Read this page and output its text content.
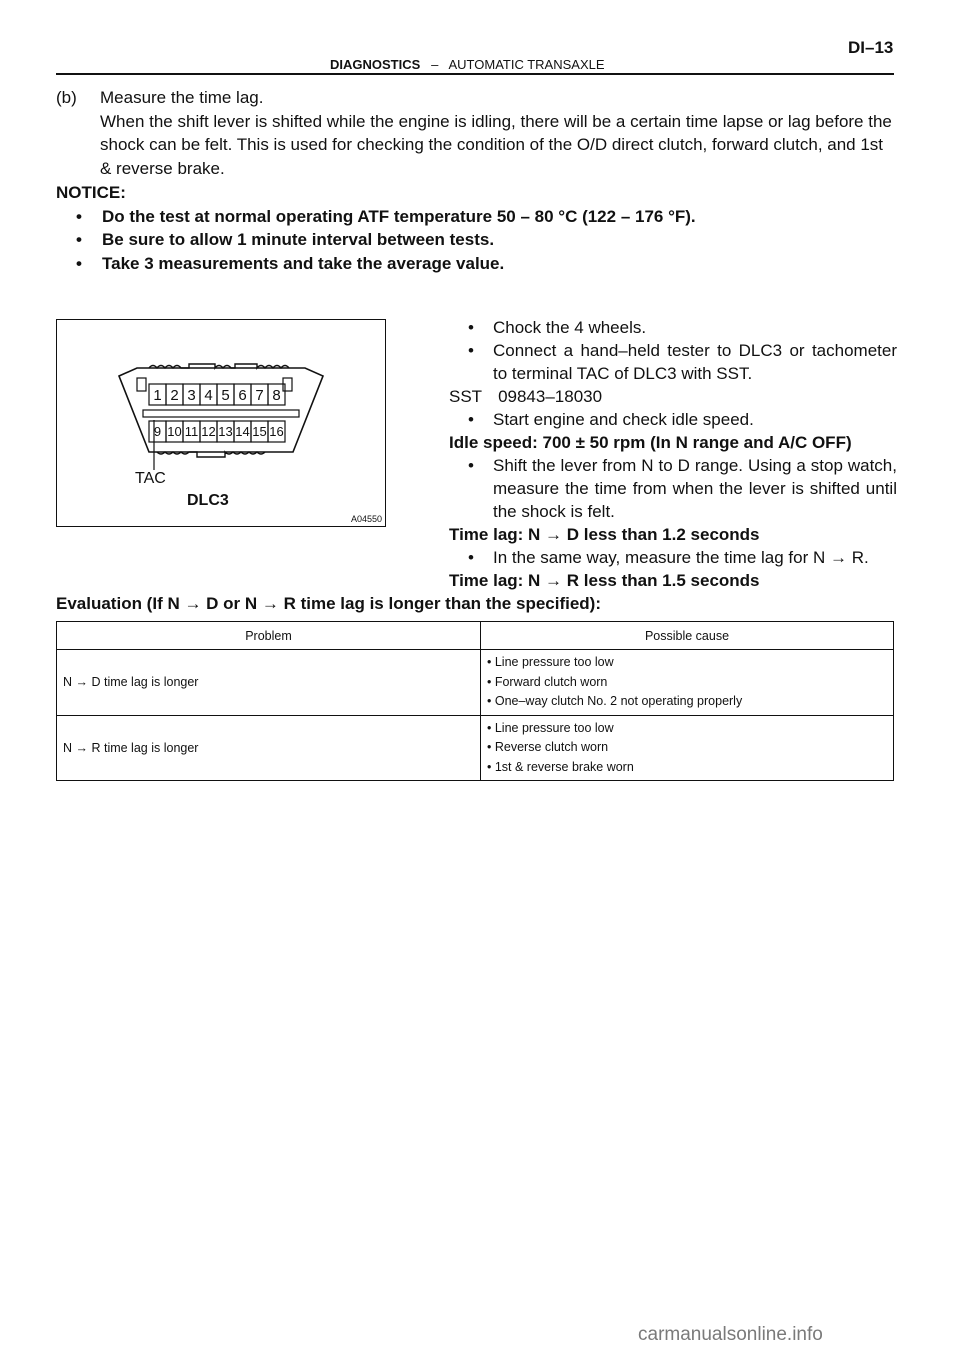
DI–13
DIAGNOSTICS – AUTOMATIC TRANSAXLE
(b)	Measure the time lag.
When the shift lever is shifted while the engine is idling, there will be a certain time lapse or lag before the shock can be felt. This is used for checking the condition of the O/D direct clutch, forward clutch, and 1st & reverse brake.
NOTICE:
•	Do the test at normal operating ATF temperature 50 – 80 °C (122 – 176 °F).
•	Be sure to allow 1 minute interval between tests.
•	Take 3 measurements and take the average value.
1 2 3 4 5 6 7 8
9 10 11 12 13 14 15 16
TAC
DLC3
A04550
•	Chock the 4 wheels.
•	Connect a hand–held tester to DLC3 or tachometer to terminal TAC of DLC3 with SST.
SST 09843–18030
•	Start engine and check idle speed.
Idle speed: 700 ± 50 rpm (In N range and A/C OFF)
•	Shift the lever from N to D range. Using a stop watch, measure the time from when the lever is shifted until the shock is felt.
Time lag: N → D less than 1.2 seconds
•	In the same way, measure the time lag for N → R.
Time lag: N → R less than 1.5 seconds
Evaluation (If N → D or N → R time lag is longer than the specified):
Problem	Possible cause
N → D time lag is longer	• Line pressure too low
• Forward clutch worn
• One–way clutch No. 2 not operating properly

N → R time lag is longer	• Line pressure too low
• Reverse clutch worn
• 1st & reverse brake worn
carmanualsonline.info
